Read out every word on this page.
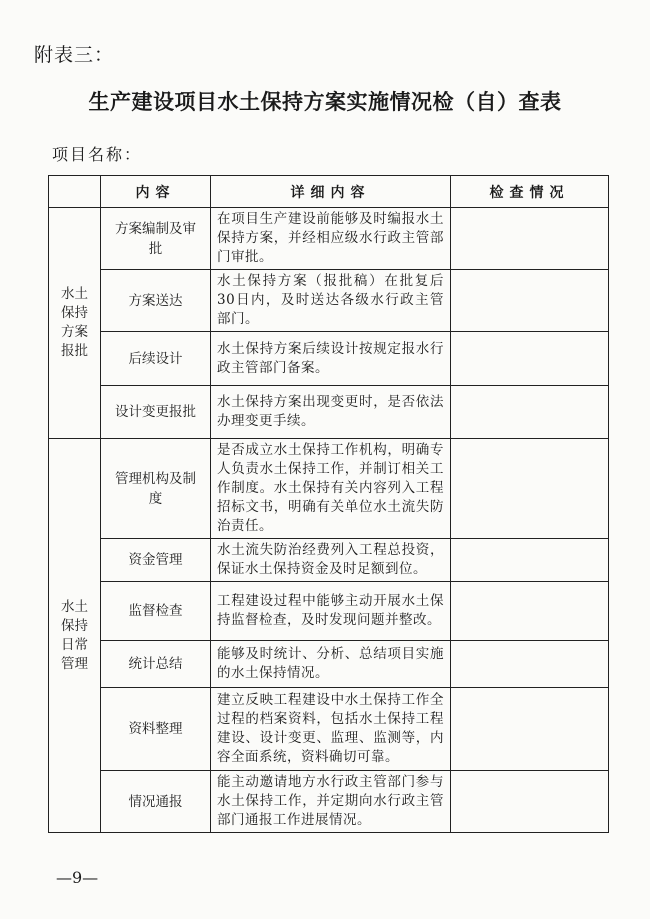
附表三：
生产建设项目水土保持方案实施情况检（自）查表
项目名称：
	内容	详细内容	检查情况
水土保持方案报批	方案编制及审批	在项目生产建设前能够及时编报水土保持方案，并经相应级水行政主管部门审批。	
	方案送达	水土保持方案（报批稿）在批复后30日内，及时送达各级水行政主管部门。	
	后续设计	水土保持方案后续设计按规定报水行政主管部门备案。	
	设计变更报批	水土保持方案出现变更时，是否依法办理变更手续。	
水土保持日常管理	管理机构及制度	是否成立水土保持工作机构，明确专人负责水土保持工作，并制订相关工作制度。水土保持有关内容列入工程招标文书，明确有关单位水土流失防治责任。	
	资金管理	水土流失防治经费列入工程总投资，保证水土保持资金及时足额到位。	
	监督检查	工程建设过程中能够主动开展水土保持监督检查，及时发现问题并整改。	
	统计总结	能够及时统计、分析、总结项目实施的水土保持情况。	
	资料整理	建立反映工程建设中水土保持工作全过程的档案资料，包括水土保持工程建设、设计变更、监理、监测等，内容全面系统，资料确切可靠。	
	情况通报	能主动邀请地方水行政主管部门参与水土保持工作，并定期向水行政主管部门通报工作进展情况。	
—9—
